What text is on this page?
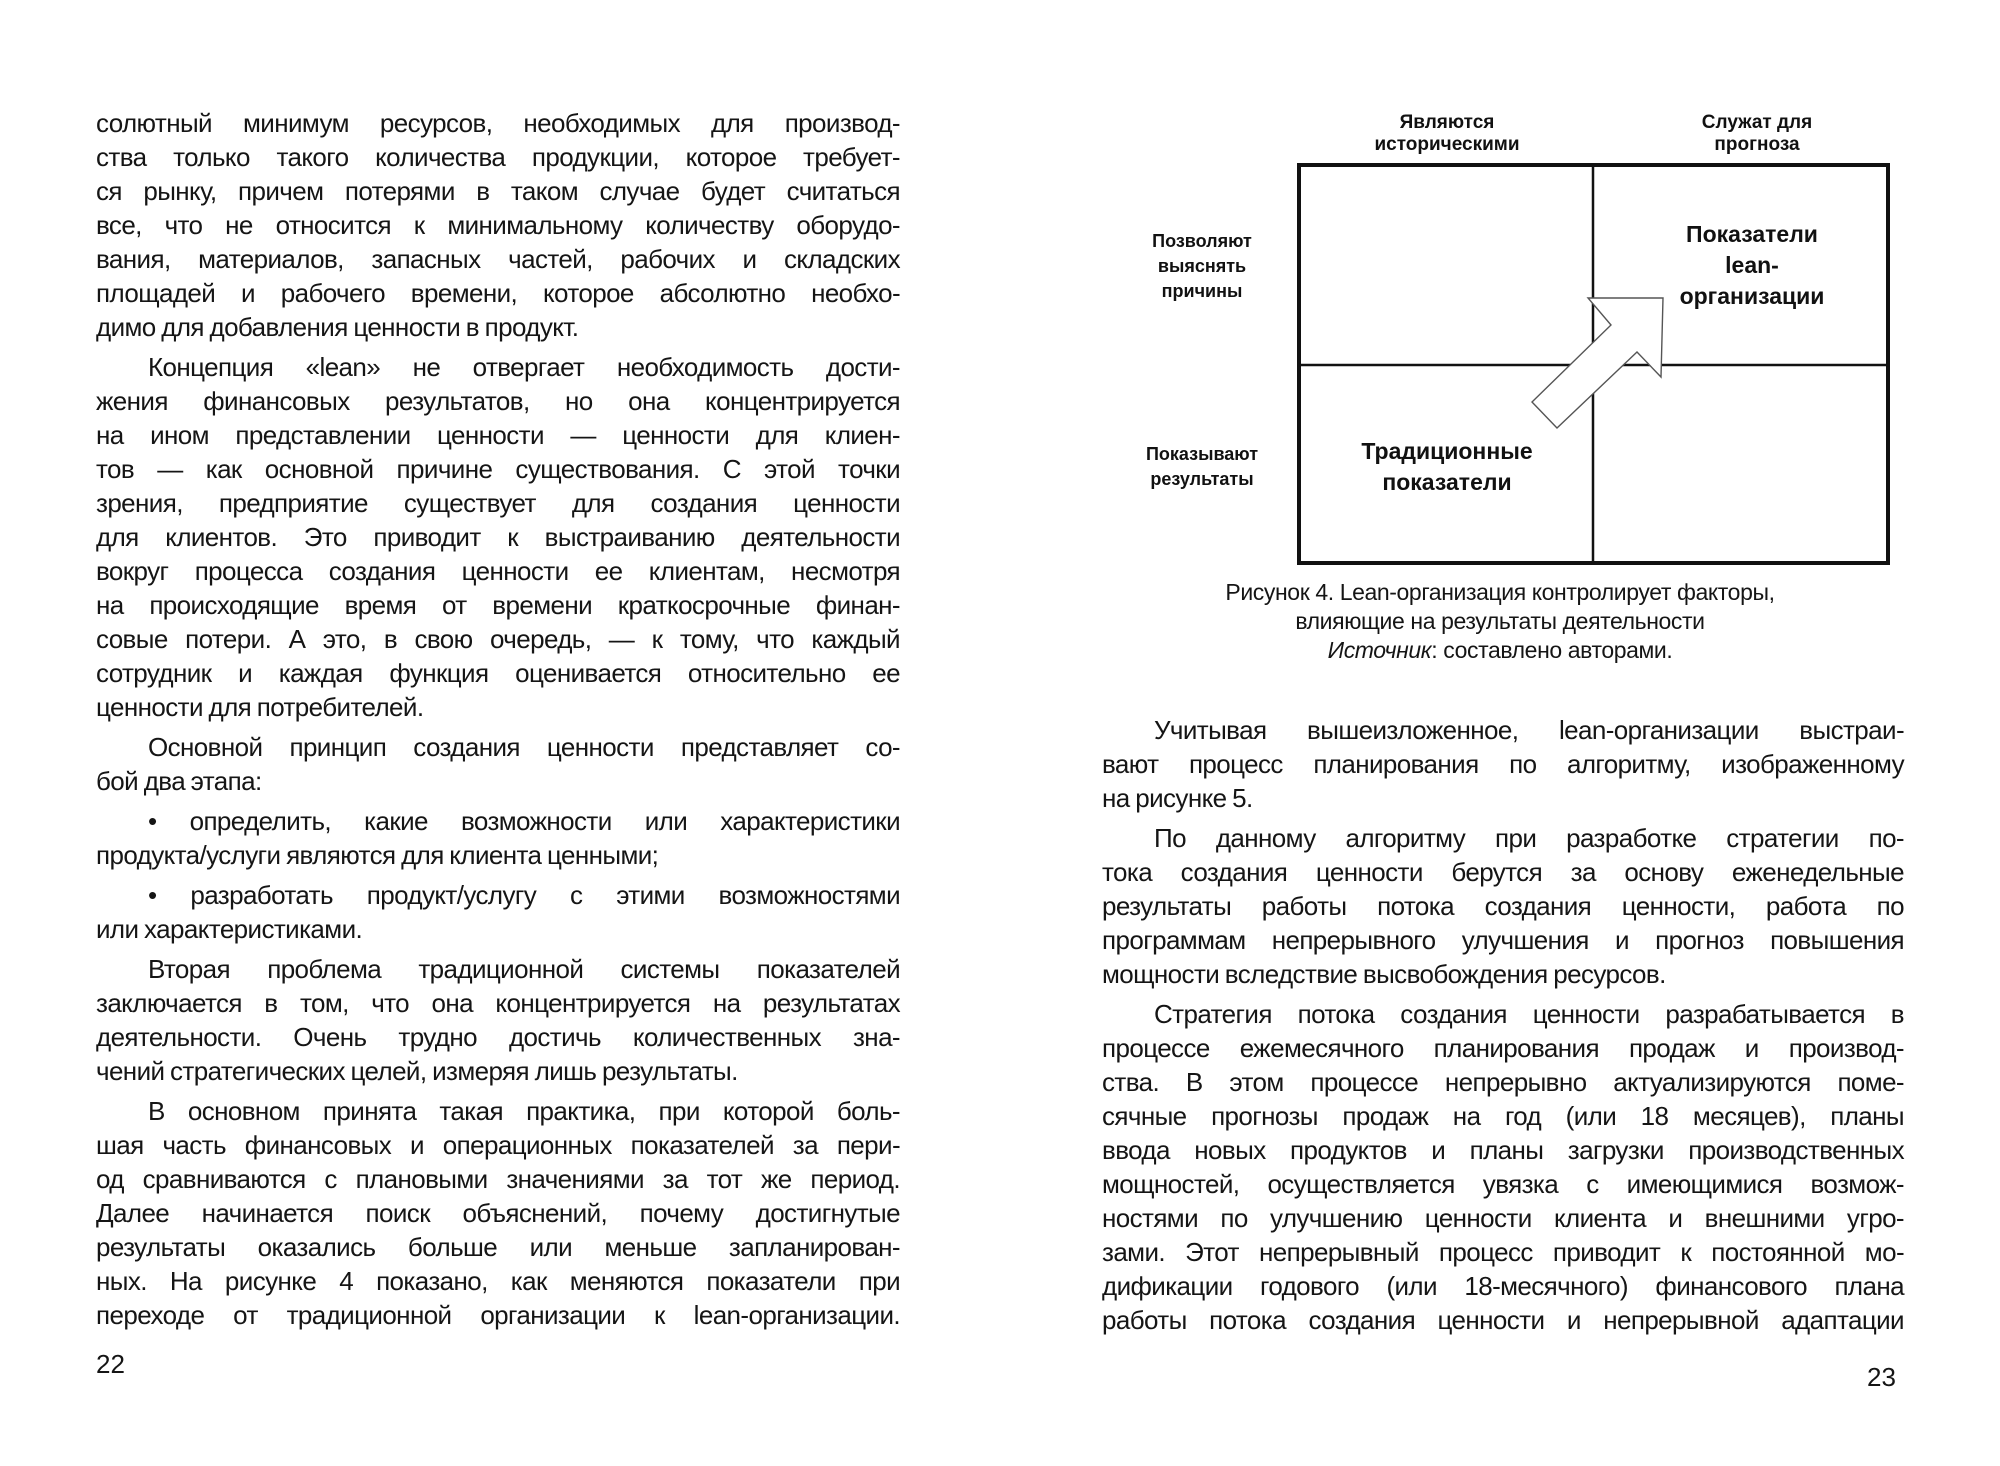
солютный минимум ресурсов, необходимых для производ-
ства только такого количества продукции, которое требует-
ся рынку, причем потерями в таком случае будет считаться
все, что не относится к минимальному количеству оборудо-
вания, материалов, запасных частей, рабочих и складских
площадей и рабочего времени, которое абсолютно необхо-
димо для добавления ценности в продукт.

Концепция «lean» не отвергает необходимость дости-
жения финансовых результатов, но она концентрируется
на ином представлении ценности — ценности для клиен-
тов — как основной причине существования. С этой точки
зрения, предприятие существует для создания ценности
для клиентов. Это приводит к выстраиванию деятельности
вокруг процесса создания ценности ее клиентам, несмотря
на происходящие время от времени краткосрочные финан-
совые потери. А это, в свою очередь, — к тому, что каждый
сотрудник и каждая функция оценивается относительно ее
ценности для потребителей.

Основной принцип создания ценности представляет со-
бой два этапа:

• определить, какие возможности или характеристики
продукта/услуги являются для клиента ценными;

• разработать продукт/услугу с этими возможностями
или характеристиками.

Вторая проблема традиционной системы показателей
заключается в том, что она концентрируется на результатах
деятельности. Очень трудно достичь количественных зна-
чений стратегических целей, измеряя лишь результаты.

В основном принята такая практика, при которой боль-
шая часть финансовых и операционных показателей за пери-
од сравниваются с плановыми значениями за тот же период.
Далее начинается поиск объяснений, почему достигнутые
результаты оказались больше или меньше запланирован-
ных. На рисунке 4 показано, как меняются показатели при
переходе от традиционной организации к lean-организации.

22
Являются
историческими
Служат для
прогноза
Позволяют
выяснять
причины
Показывают
результаты
Показатели
lean-
организации
Традиционные
показатели
Рисунок 4. Lean-организация контролирует факторы,
влияющие на результаты деятельности
Источник: составлено авторами.

Учитывая вышеизложенное, lean-организации выстраи-
вают процесс планирования по алгоритму, изображенному
на рисунке 5.

По данному алгоритму при разработке стратегии по-
тока создания ценности берутся за основу еженедельные
результаты работы потока создания ценности, работа по
программам непрерывного улучшения и прогноз повышения
мощности вследствие высвобождения ресурсов.

Стратегия потока создания ценности разрабатывается в
процессе ежемесячного планирования продаж и производ-
ства. В этом процессе непрерывно актуализируются поме-
сячные прогнозы продаж на год (или 18 месяцев), планы
ввода новых продуктов и планы загрузки производственных
мощностей, осуществляется увязка с имеющимися возмож-
ностями по улучшению ценности клиента и внешними угро-
зами. Этот непрерывный процесс приводит к постоянной мо-
дификации годового (или 18-месячного) финансового плана
работы потока создания ценности и непрерывной адаптации

23
